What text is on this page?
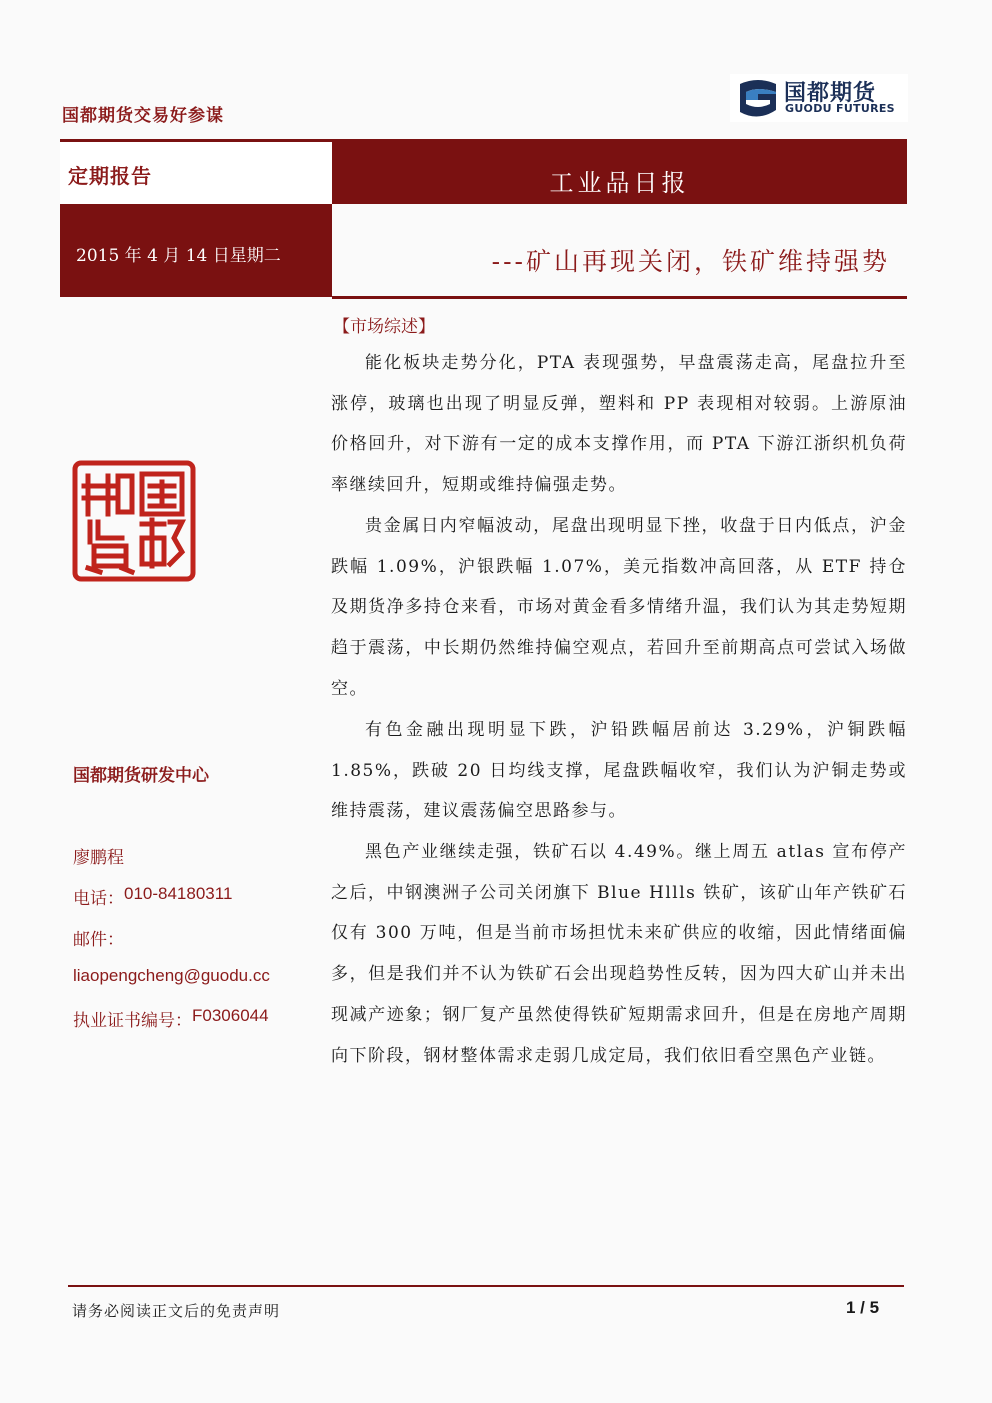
国都期货交易好参谋
国都期货
GUODU FUTURES
定期报告	工业品日报
2015 年 4 月 14 日星期二	---矿山再现关闭，铁矿维持强势
国都期货研发中心
廖鹏程
电话： 010-84180311
邮件：
liaopengcheng@guodu.cc
执业证书编号： F0306044
【市场综述】

能化板块走势分化，PTA 表现强势，早盘震荡走高，尾盘拉升至涨停，玻璃也出现了明显反弹，塑料和 PP 表现相对较弱。上游原油价格回升，对下游有一定的成本支撑作用，而 PTA 下游江浙织机负荷率继续回升，短期或维持偏强走势。

贵金属日内窄幅波动，尾盘出现明显下挫，收盘于日内低点，沪金跌幅 1.09%，沪银跌幅 1.07%，美元指数冲高回落，从 ETF 持仓及期货净多持仓来看，市场对黄金看多情绪升温，我们认为其走势短期趋于震荡，中长期仍然维持偏空观点，若回升至前期高点可尝试入场做空。

有色金融出现明显下跌，沪铅跌幅居前达 3.29%，沪铜跌幅 1.85%，跌破 20 日均线支撑，尾盘跌幅收窄，我们认为沪铜走势或维持震荡，建议震荡偏空思路参与。

黑色产业继续走强，铁矿石以 4.49%。继上周五 atlas 宣布停产之后，中钢澳洲子公司关闭旗下 Blue Hllls 铁矿，该矿山年产铁矿石仅有 300 万吨，但是当前市场担忧未来矿供应的收缩，因此情绪面偏多，但是我们并不认为铁矿石会出现趋势性反转，因为四大矿山并未出现减产迹象；钢厂复产虽然使得铁矿短期需求回升，但是在房地产周期向下阶段，钢材整体需求走弱几成定局，我们依旧看空黑色产业链。

请务必阅读正文后的免责声明	1 / 5
